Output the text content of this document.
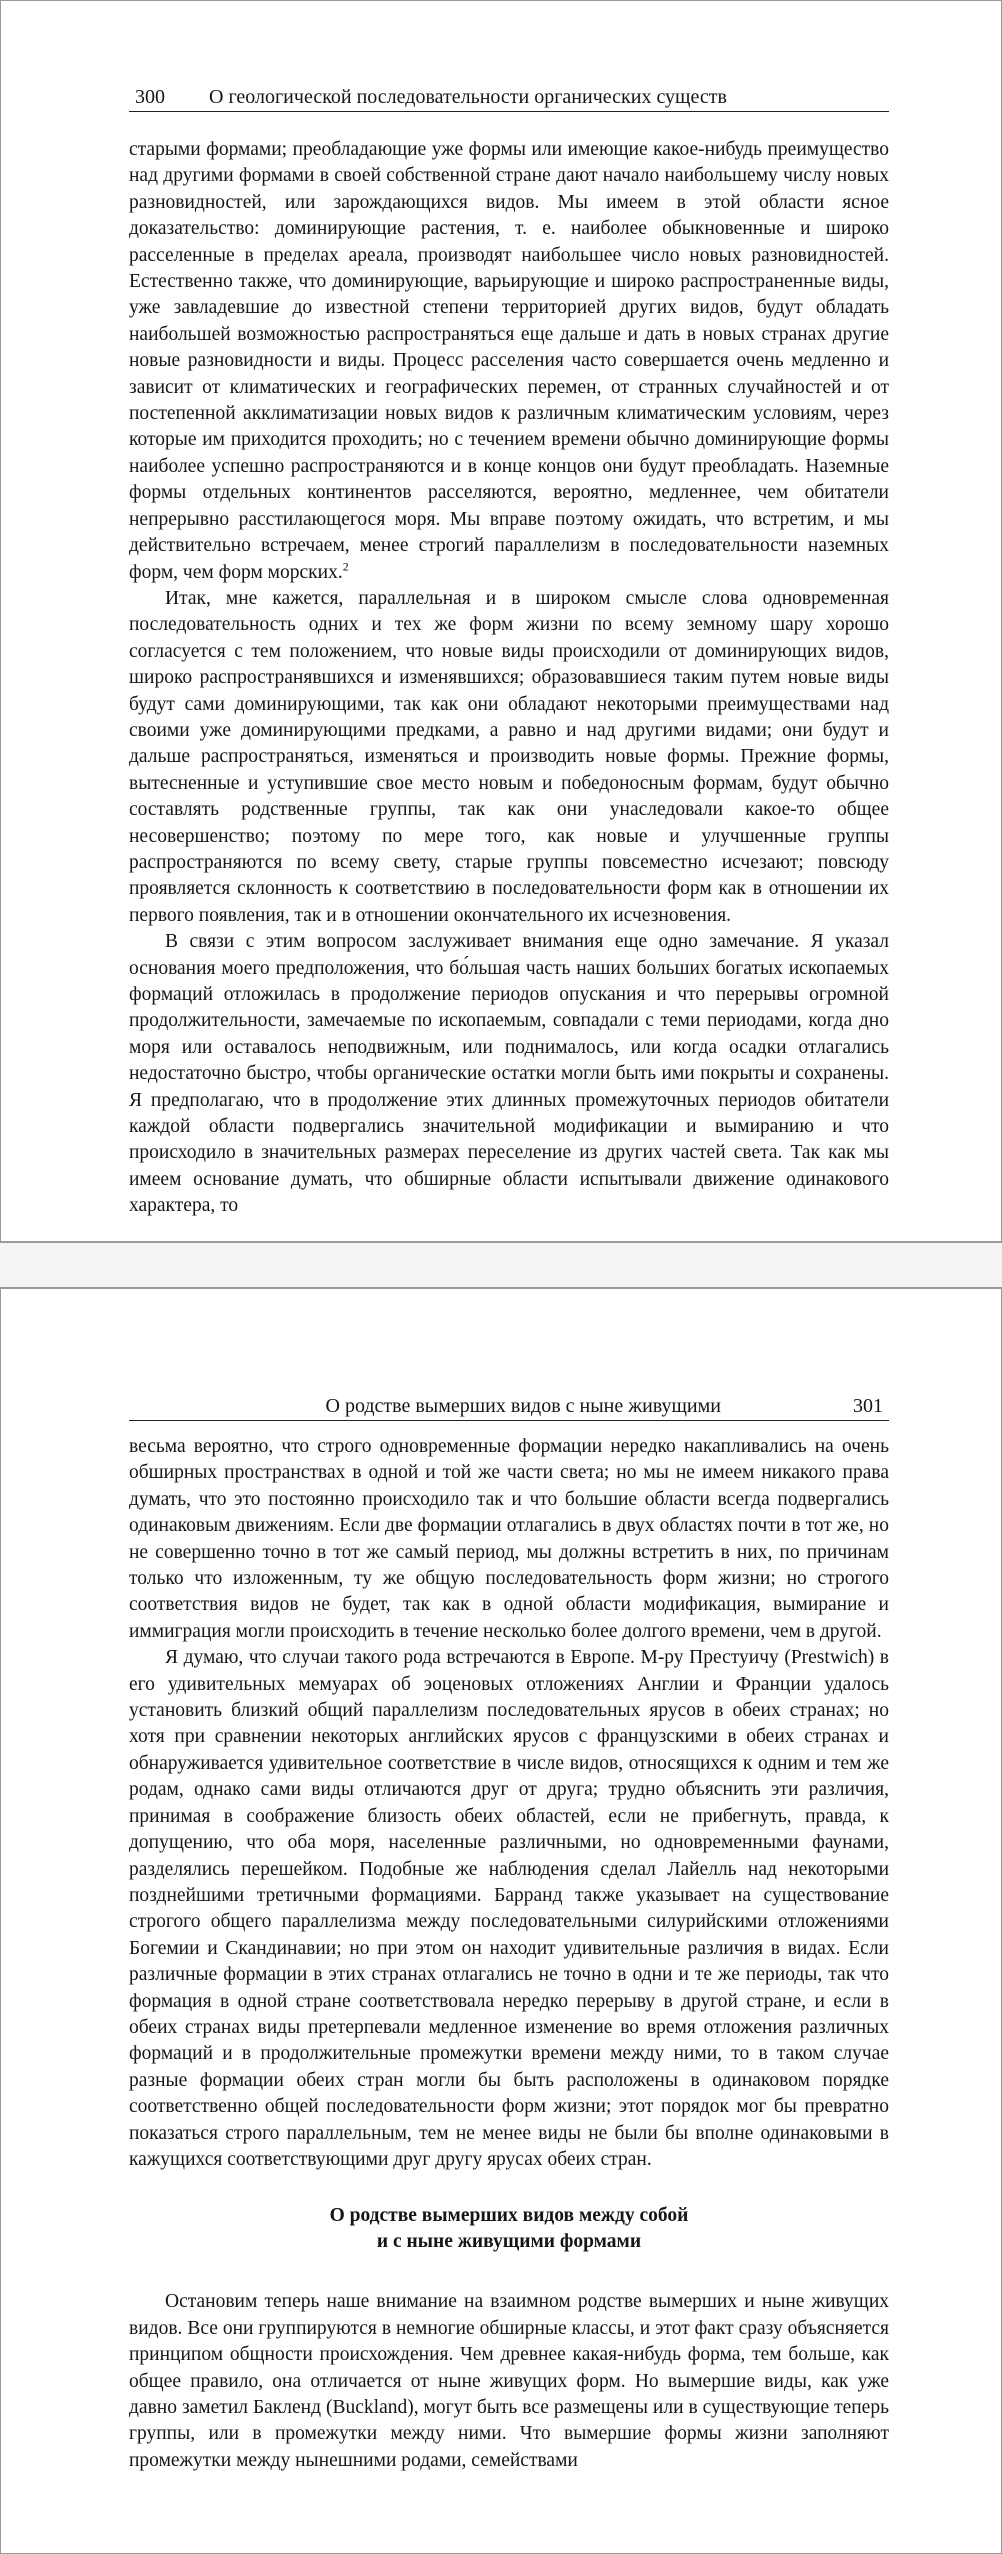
300 О геологической последовательности органических существ

старыми формами; преобладающие уже формы или имеющие какое-нибудь преимущество над другими формами в своей собственной стране дают начало наибольшему числу новых разновидностей, или зарождающихся видов. Мы имеем в этой области ясное доказательство: доминирующие растения, т. е. наиболее обыкновенные и широко расселенные в пределах ареала, производят наибольшее число новых разновидностей. Естественно также, что доминирующие, варьирующие и широко распространенные виды, уже завладевшие до известной степени территорией других видов, будут обладать наибольшей возможностью распространяться еще дальше и дать в новых странах другие новые разновидности и виды. Процесс расселения часто совершается очень медленно и зависит от климатических и географических перемен, от странных случайностей и от постепенной акклиматизации новых видов к различным климатическим условиям, через которые им приходится проходить; но с течением времени обычно доминирующие формы наиболее успешно распространяются и в конце концов они будут преобладать. Наземные формы отдельных континентов расселяются, вероятно, медленнее, чем обитатели непрерывно расстилающегося моря. Мы вправе поэтому ожидать, что встретим, и мы действительно встречаем, менее строгий параллелизм в последовательности наземных форм, чем форм морских.$^2$

Итак, мне кажется, параллельная и в широком смысле слова одновременная последовательность одних и тех же форм жизни по всему земному шару хорошо согласуется с тем положением, что новые виды происходили от доминирующих видов, широко распространявшихся и изменявшихся; образовавшиеся таким путем новые виды будут сами доминирующими, так как они обладают некоторыми преимуществами над своими уже доминирующими предками, а равно и над другими видами; они будут и дальше распространяться, изменяться и производить новые формы. Прежние формы, вытесненные и уступившие свое место новым и победоносным формам, будут обычно составлять родственные группы, так как они унаследовали какое-то общее несовершенство; поэтому по мере того, как новые и улучшенные группы распространяются по всему свету, старые группы повсеместно исчезают; повсюду проявляется склонность к соответствию в последовательности форм как в отношении их первого появления, так и в отношении окончательного их исчезновения.

В связи с этим вопросом заслуживает внимания еще одно замечание. Я указал основания моего предположения, что бо́льшая часть наших больших богатых ископаемых формаций отложилась в продолжение периодов опускания и что перерывы огромной продолжительности, замечаемые по ископаемым, совпадали с теми периодами, когда дно моря или оставалось неподвижным, или поднималось, или когда осадки отлагались недостаточно быстро, чтобы органические остатки могли быть ими покрыты и сохранены. Я предполагаю, что в продолжение этих длинных промежуточных периодов обитатели каждой области подвергались значительной модификации и вымиранию и что происходило в значительных размерах переселение из других частей света. Так как мы имеем основание думать, что обширные области испытывали движение одинакового характера, то

О родстве вымерших видов с ныне живущими	301

весьма вероятно, что строго одновременные формации нередко накапливались на очень обширных пространствах в одной и той же части света; но мы не имеем никакого права думать, что это постоянно происходило так и что большие области всегда подвергались одинаковым движениям. Если две формации отлагались в двух областях почти в тот же, но не совершенно точно в тот же самый период, мы должны встретить в них, по причинам только что изложенным, ту же общую последовательность форм жизни; но строгого соответствия видов не будет, так как в одной области модификация, вымирание и иммиграция могли происходить в течение несколько более долгого времени, чем в другой.

Я думаю, что случаи такого рода встречаются в Европе. М-ру Престуичу (Prestwich) в его удивительных мемуарах об эоценовых отложениях Англии и Франции удалось установить близкий общий параллелизм последовательных ярусов в обеих странах; но хотя при сравнении некоторых английских ярусов с французскими в обеих странах и обнаруживается удивительное соответствие в числе видов, относящихся к одним и тем же родам, однако сами виды отличаются друг от друга; трудно объяснить эти различия, принимая в соображение близость обеих областей, если не прибегнуть, правда, к допущению, что оба моря, населенные различными, но одновременными фаунами, разделялись перешейком. Подобные же наблюдения сделал Лайелль над некоторыми позднейшими третичными формациями. Барранд также указывает на существование строгого общего параллелизма между последовательными силурийскими отложениями Богемии и Скандинавии; но при этом он находит удивительные различия в видах. Если различные формации в этих странах отлагались не точно в одни и те же периоды, так что формация в одной стране соответствовала нередко перерыву в другой стране, и если в обеих странах виды претерпевали медленное изменение во время отложения различных формаций и в продолжительные промежутки времени между ними, то в таком случае разные формации обеих стран могли бы быть расположены в одинаковом порядке соответственно общей последовательности форм жизни; этот порядок мог бы превратно показаться строго параллельным, тем не менее виды не были бы вполне одинаковыми в кажущихся соответствующими друг другу ярусах обеих стран.

О родстве вымерших видов между собой
и с ныне живущими формами

Остановим теперь наше внимание на взаимном родстве вымерших и ныне живущих видов. Все они группируются в немногие обширные классы, и этот факт сразу объясняется принципом общности происхождения. Чем древнее какая-нибудь форма, тем больше, как общее правило, она отличается от ныне живущих форм. Но вымершие виды, как уже давно заметил Бакленд (Buckland), могут быть все размещены или в существующие теперь группы, или в промежутки между ними. Что вымершие формы жизни заполняют промежутки между нынешними родами, семействами
